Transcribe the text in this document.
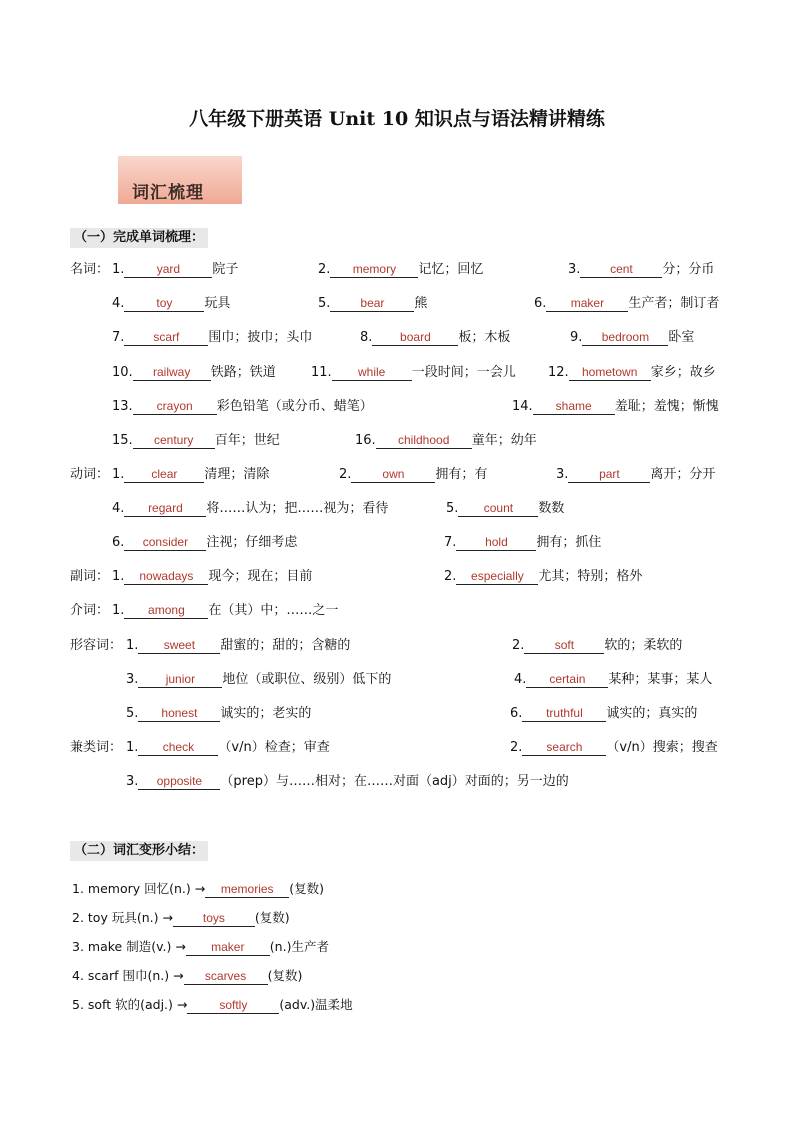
八年级下册英语 Unit 10 知识点与语法精讲精练
词汇梳理
（一）完成单词梳理：
名词： 1.	yard 院子	2. memory 记忆；回忆	3. cent 分；分币
4.	toy 玩具	5. bear 熊	6. maker 生产者；制订者
7. scarf 围巾；披巾；头巾	8. board 板；木板	9. bedroom 卧室
10. railway 铁路；铁道	11. while 一段时间；一会儿 12. hometown 家乡；故乡
13. crayon 彩色铅笔（或分币、蜡笔）	14. shame 羞耻；羞愧；惭愧
15. century 百年；世纪	16. childhood 童年；幼年
动词： 1. clear 清理；清除	2.	own 拥有；有	3.	part 离开；分开
4. regard 将……认为；把……视为；看待	5. count 数数
6. consider 注视；仔细考虑	7. hold 拥有；抓住
副词： 1. nowadays 现今；现在；目前	2. especially 尤其；特别；格外
介词： 1. among 在（其）中；……之一
形容词： 1. sweet 甜蜜的；甜的；含糖的	2.	soft 软的；柔软的
3. junior 地位（或职位、级别）低下的	4. certain 某种；某事；某人
5. honest 诚实的；老实的	6. truthful 诚实的；真实的
兼类词： 1. check （v/n）检查；审查	2. search （v/n）搜索；搜查
3. opposite （prep）与……相对；在……对面（adj）对面的；另一边的
（二）词汇变形小结：
1. memory 回忆(n.) → memories (复数)
2. toy 玩具(n.) → toys (复数)
3. make 制造(v.) → maker (n.)生产者
4. scarf 围巾(n.) → scarves (复数)
5. soft 软的(adj.) →	softly	(adv.)温柔地
